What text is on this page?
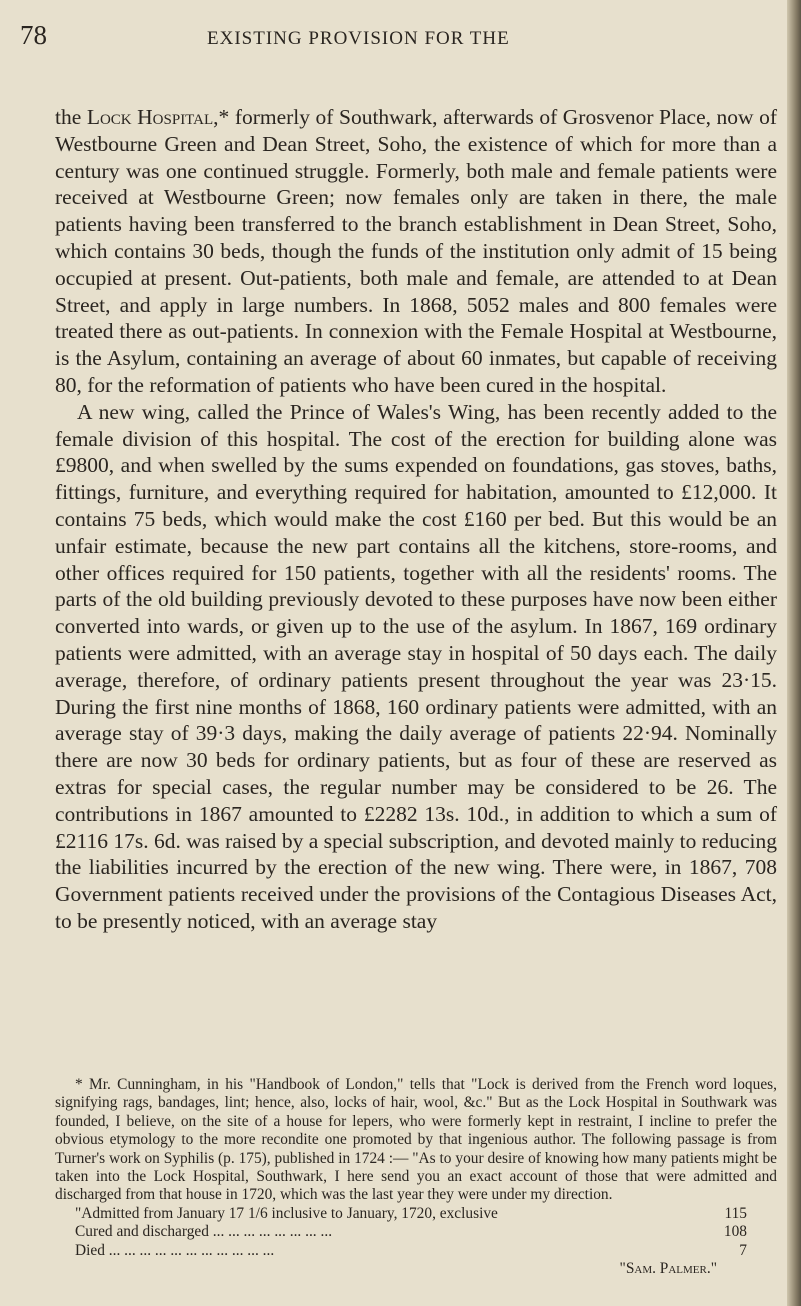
78	EXISTING PROVISION FOR THE

the Lock Hospital,* formerly of Southwark, afterwards of Grosvenor Place, now of Westbourne Green and Dean Street, Soho, the existence of which for more than a century was one continued struggle. Formerly, both male and female patients were received at Westbourne Green; now females only are taken in there, the male patients having been transferred to the branch establishment in Dean Street, Soho, which contains 30 beds, though the funds of the institution only admit of 15 being occupied at present. Out-patients, both male and female, are attended to at Dean Street, and apply in large numbers. In 1868, 5052 males and 800 females were treated there as out-patients. In connexion with the Female Hospital at Westbourne, is the Asylum, containing an average of about 60 inmates, but capable of receiving 80, for the reformation of patients who have been cured in the hospital.

A new wing, called the Prince of Wales's Wing, has been recently added to the female division of this hospital. The cost of the erection for building alone was £9800, and when swelled by the sums expended on foundations, gas stoves, baths, fittings, furniture, and everything required for habitation, amounted to £12,000. It contains 75 beds, which would make the cost £160 per bed. But this would be an unfair estimate, because the new part contains all the kitchens, store-rooms, and other offices required for 150 patients, together with all the residents' rooms. The parts of the old building previously devoted to these purposes have now been either converted into wards, or given up to the use of the asylum. In 1867, 169 ordinary patients were admitted, with an average stay in hospital of 50 days each. The daily average, therefore, of ordinary patients present throughout the year was 23·15. During the first nine months of 1868, 160 ordinary patients were admitted, with an average stay of 39·3 days, making the daily average of patients 22·94. Nominally there are now 30 beds for ordinary patients, but as four of these are reserved as extras for special cases, the regular number may be considered to be 26. The contributions in 1867 amounted to £2282 13s. 10d., in addition to which a sum of £2116 17s. 6d. was raised by a special subscription, and devoted mainly to reducing the liabilities incurred by the erection of the new wing. There were, in 1867, 708 Government patients received under the provisions of the Contagious Diseases Act, to be presently noticed, with an average stay

* Mr. Cunningham, in his "Handbook of London," tells that "Lock is derived from the French word loques, signifying rags, bandages, lint; hence, also, locks of hair, wool, &c." But as the Lock Hospital in Southwark was founded, I believe, on the site of a house for lepers, who were formerly kept in restraint, I incline to prefer the obvious etymology to the more recondite one promoted by that ingenious author. The following passage is from Turner's work on Syphilis (p. 175), published in 1724 :— "As to your desire of knowing how many patients might be taken into the Lock Hospital, Southwark, I here send you an exact account of those that were admitted and discharged from that house in 1720, which was the last year they were under my direction.

"Admitted from January 17 1/6 inclusive to January, 1720, exclusive	115
Cured and discharged ... ... ... ... ... ... ... ...	108
Died ... ... ... ... ... ... ... ... ... ... ...	7
"Sam. Palmer."
